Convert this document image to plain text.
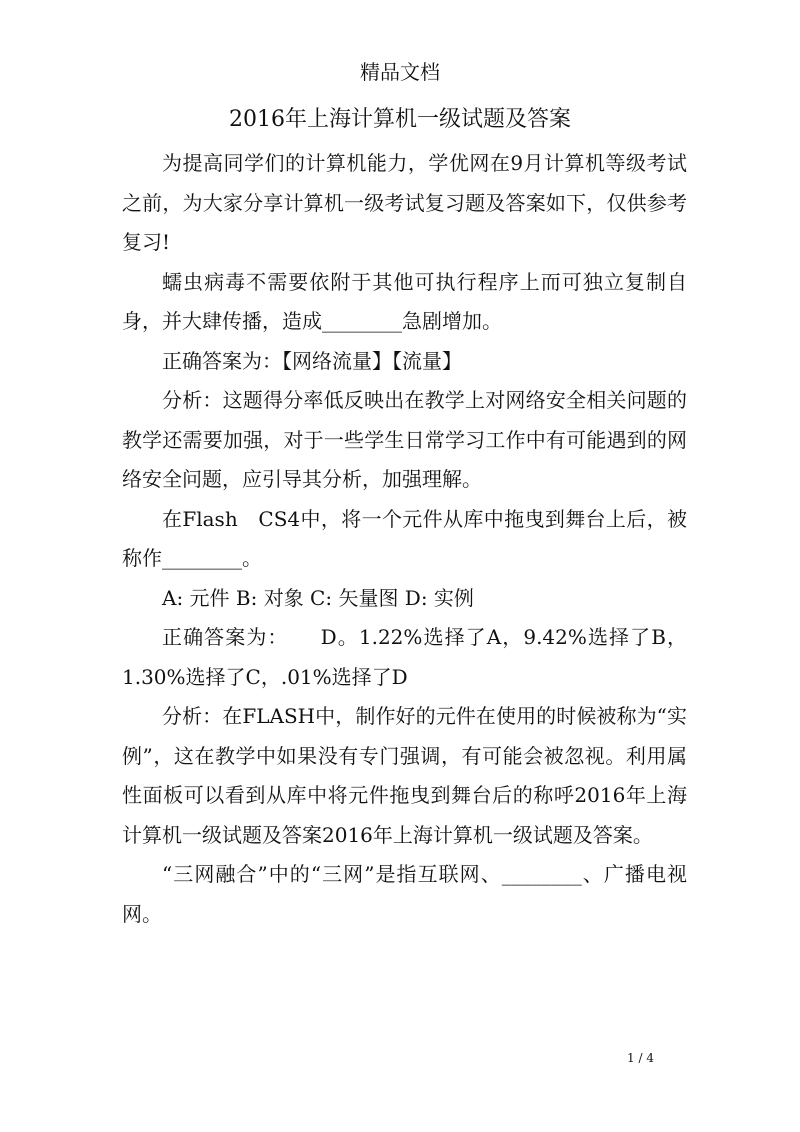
精品文档
2016年上海计算机一级试题及答案

为提高同学们的计算机能力，学优网在9月计算机等级考试之前，为大家分享计算机一级考试复习题及答案如下，仅供参考复习!

蠕虫病毒不需要依附于其他可执行程序上而可独立复制自身，并大肆传播，造成________急剧增加。

正确答案为：【网络流量】【流量】

分析：这题得分率低反映出在教学上对网络安全相关问题的教学还需要加强，对于一些学生日常学习工作中有可能遇到的网络安全问题，应引导其分析，加强理解。

在Flash　CS4中，将一个元件从库中拖曳到舞台上后，被称作________。

A: 元件 B: 对象 C: 矢量图 D: 实例

正确答案为：　　D。1.22%选择了A，9.42%选择了B，1.30%选择了C，.01%选择了D

分析：在FLASH中，制作好的元件在使用的时候被称为“实例”，这在教学中如果没有专门强调，有可能会被忽视。利用属性面板可以看到从库中将元件拖曳到舞台后的称呼2016年上海计算机一级试题及答案2016年上海计算机一级试题及答案。

“三网融合”中的“三网”是指互联网、________、广播电视网。

1 / 4
